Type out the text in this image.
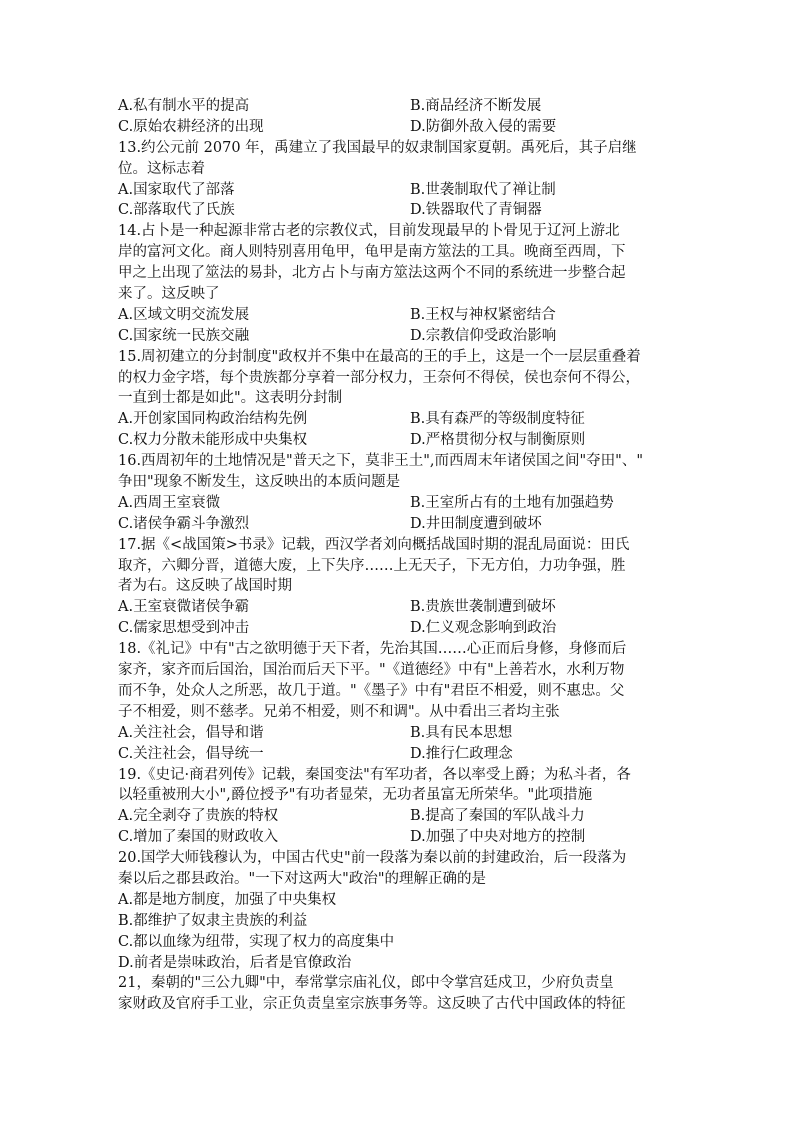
A.私有制水平的提高	B.商品经济不断发展
C.原始农耕经济的出现	D.防御外敌入侵的需要
13.约公元前 2070 年，禹建立了我国最早的奴隶制国家夏朝。禹死后，其子启继
位。这标志着
A.国家取代了部落	B.世袭制取代了禅让制
C.部落取代了氏族	D.铁器取代了青铜器
14.占卜是一种起源非常古老的宗教仪式，目前发现最早的卜骨见于辽河上游北
岸的富河文化。商人则特别喜用龟甲，龟甲是南方筮法的工具。晚商至西周，下
甲之上出现了筮法的易卦，北方占卜与南方筮法这两个不同的系统进一步整合起
来了。这反映了
A.区域文明交流发展	B.王权与神权紧密结合
C.国家统一民族交融	D.宗教信仰受政治影响
15.周初建立的分封制度"政权并不集中在最高的王的手上，这是一个一层层重叠着
的权力金字塔，每个贵族都分享着一部分权力，王奈何不得侯，侯也奈何不得公，
一直到士都是如此"。这表明分封制
A.开创家国同构政治结构先例	B.具有森严的等级制度特征
C.权力分散未能形成中央集权	D.严格贯彻分权与制衡原则
16.西周初年的土地情况是"普天之下，莫非王土",而西周末年诸侯国之间"夺田"、"
争田"现象不断发生，这反映出的本质问题是
A.西周王室衰微	B.王室所占有的土地有加强趋势
C.诸侯争霸斗争激烈	D.井田制度遭到破坏
17.据《<战国策>书录》记载，西汉学者刘向概括战国时期的混乱局面说：田氏
取齐，六卿分晋，道德大废，上下失序……上无天子，下无方伯，力功争强，胜
者为右。这反映了战国时期
A.王室衰微诸侯争霸	B.贵族世袭制遭到破坏
C.儒家思想受到冲击	D.仁义观念影响到政治
18.《礼记》中有"古之欲明德于天下者，先治其国……心正而后身修，身修而后
家齐，家齐而后国治，国治而后天下平。"《道德经》中有"上善若水，水利万物
而不争，处众人之所恶，故几于道。"《墨子》中有"君臣不相爱，则不惠忠。父
子不相爱，则不慈孝。兄弟不相爱，则不和调"。从中看出三者均主张
A.关注社会，倡导和谐	B.具有民本思想
C.关注社会，倡导统一	D.推行仁政理念
19.《史记·商君列传》记载，秦国变法"有军功者，各以率受上爵；为私斗者，各
以轻重被刑大小",爵位授予"有功者显荣，无功者虽富无所荣华。"此项措施
A.完全剥夺了贵族的特权	B.提高了秦国的军队战斗力
C.增加了秦国的财政收入	D.加强了中央对地方的控制
20.国学大师钱穆认为，中国古代史"前一段落为秦以前的封建政治，后一段落为
秦以后之郡县政治。"一下对这两大"政治"的理解正确的是
A.都是地方制度，加强了中央集权
B.都维护了奴隶主贵族的利益
C.都以血缘为纽带，实现了权力的高度集中
D.前者是崇味政治，后者是官僚政治
21，秦朝的"三公九卿"中，奉常掌宗庙礼仪，郎中令掌宫廷戍卫，少府负责皇
家财政及官府手工业，宗正负责皇室宗族事务等。这反映了古代中国政体的特征
